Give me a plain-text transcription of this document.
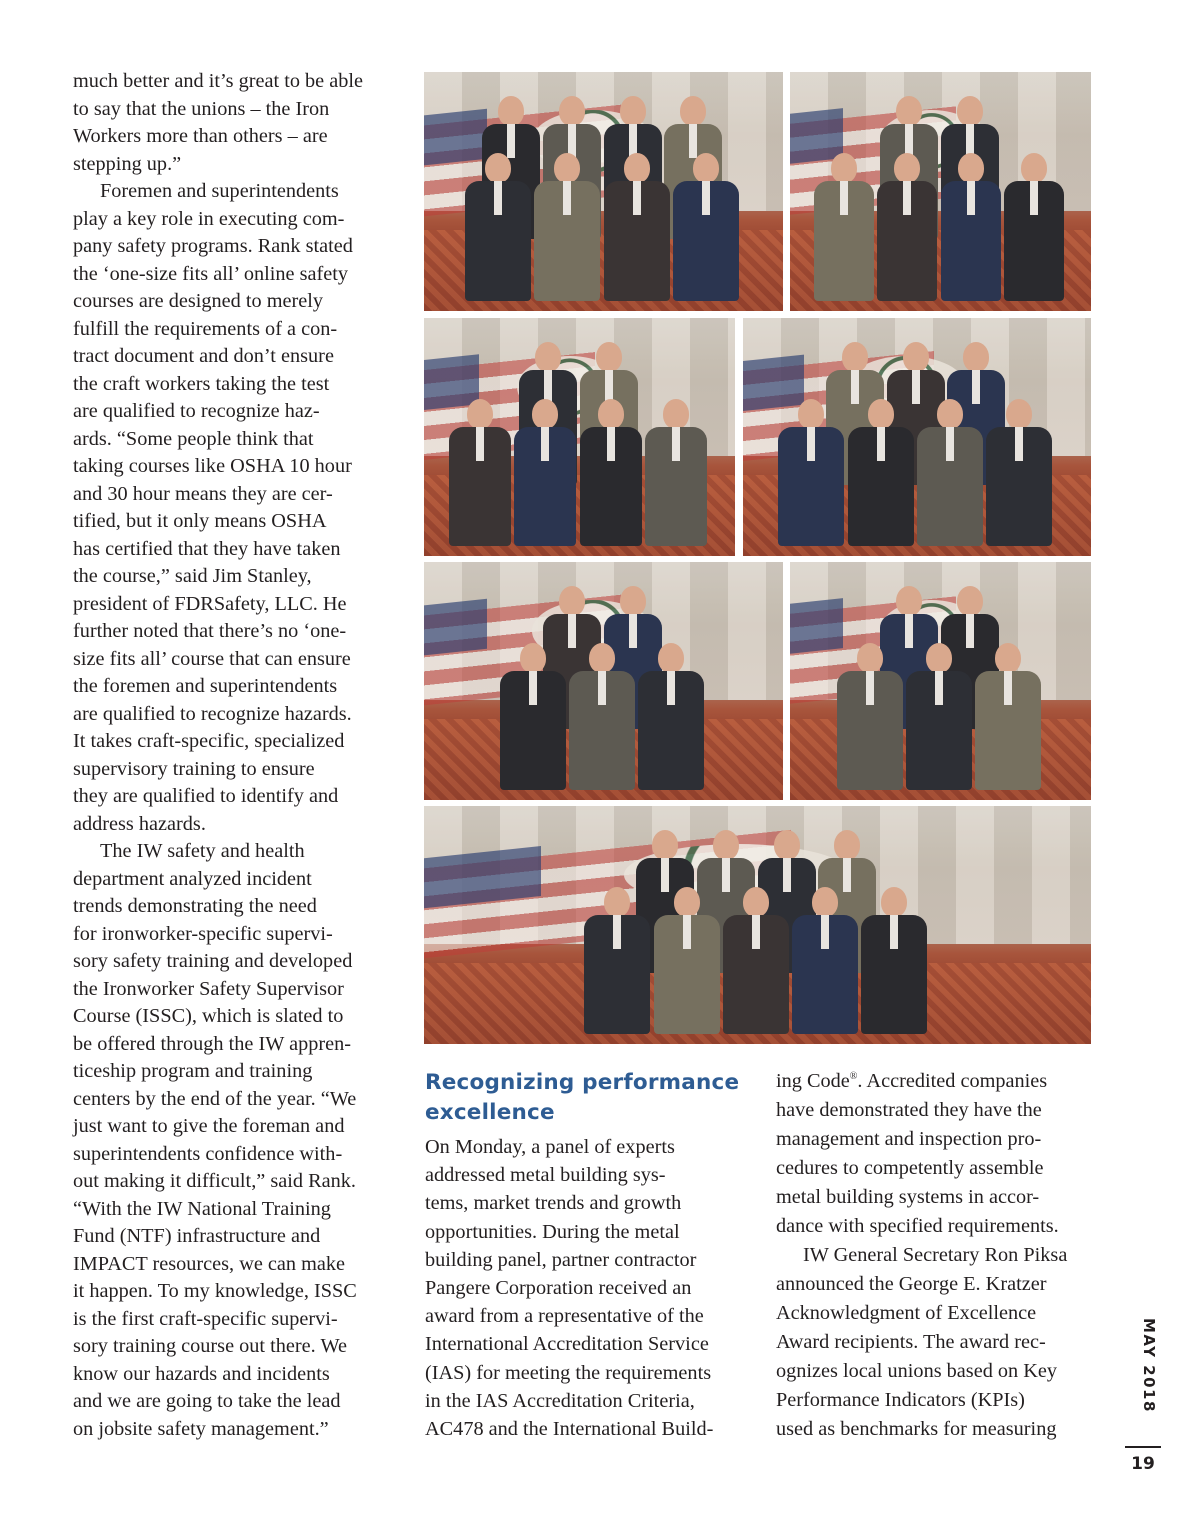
much better and it’s great to be able
to say that the unions – the Iron
Workers more than others – are
stepping up.”

Foremen and superintendents
play a key role in executing com-
pany safety programs. Rank stated
the ‘one-size fits all’ online safety
courses are designed to merely
fulfill the requirements of a con-
tract document and don’t ensure
the craft workers taking the test
are qualified to recognize haz-
ards. “Some people think that
taking courses like OSHA 10 hour
and 30 hour means they are cer-
tified, but it only means OSHA
has certified that they have taken
the course,” said Jim Stanley,
president of FDRSafety, LLC. He
further noted that there’s no ‘one-
size fits all’ course that can ensure
the foremen and superintendents
are qualified to recognize hazards.
It takes craft-specific, specialized
supervisory training to ensure
they are qualified to identify and
address hazards.

The IW safety and health
department analyzed incident
trends demonstrating the need
for ironworker-specific supervi-
sory safety training and developed
the Ironworker Safety Supervisor
Course (ISSC), which is slated to
be offered through the IW appren-
ticeship program and training
centers by the end of the year. “We
just want to give the foreman and
superintendents confidence with-
out making it difficult,” said Rank.
“With the IW National Training
Fund (NTF) infrastructure and
IMPACT resources, we can make
it happen. To my knowledge, ISSC
is the first craft-specific supervi-
sory training course out there. We
know our hazards and incidents
and we are going to take the lead
on jobsite safety management.”

Recognizing performance excellence
On Monday, a panel of experts
addressed metal building sys-
tems, market trends and growth
opportunities. During the metal
building panel, partner contractor
Pangere Corporation received an
award from a representative of the
International Accreditation Service
(IAS) for meeting the requirements
in the IAS Accreditation Criteria,
AC478 and the International Build-

ing Code®. Accredited companies
have demonstrated they have the
management and inspection pro-
cedures to competently assemble
metal building systems in accor-
dance with specified requirements.

IW General Secretary Ron Piksa
announced the George E. Kratzer
Acknowledgment of Excellence
Award recipients. The award rec-
ognizes local unions based on Key
Performance Indicators (KPIs)
used as benchmarks for measuring

MAY 2018
19
